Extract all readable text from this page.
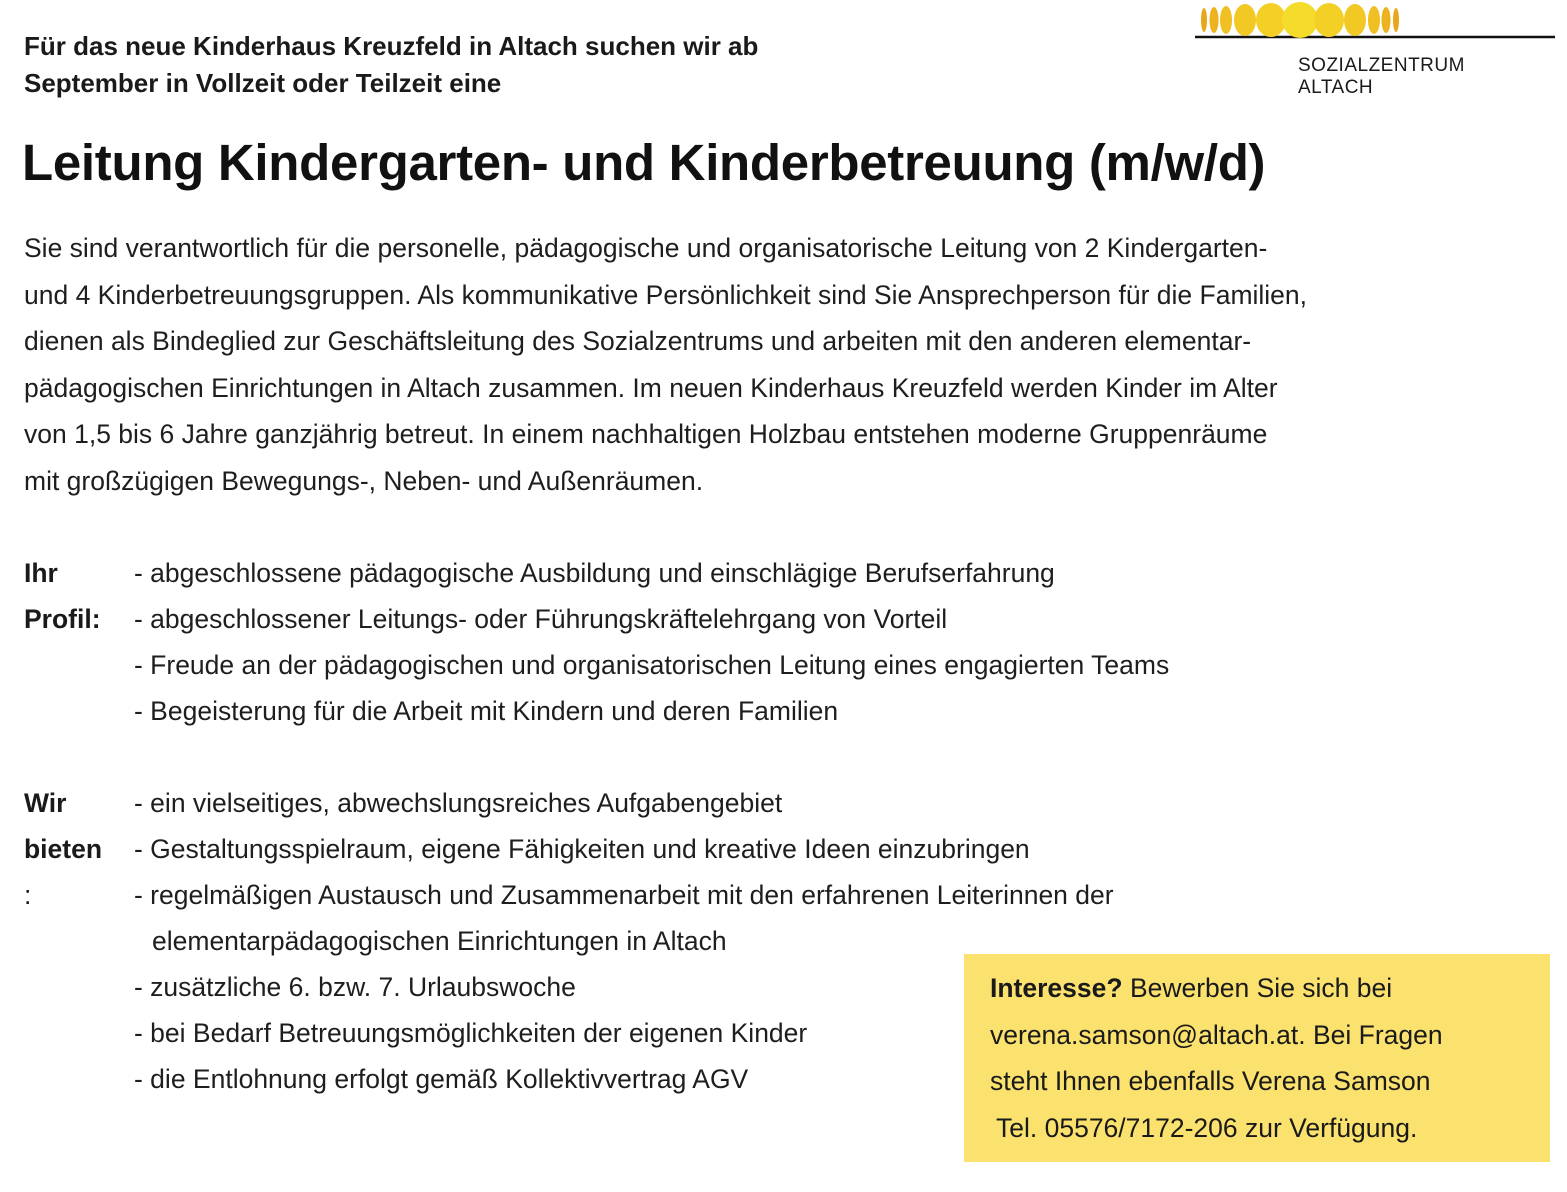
Für das neue Kinderhaus Kreuzfeld in Altach suchen wir ab
September in Vollzeit oder Teilzeit eine
SOZIALZENTRUM
ALTACH
Leitung Kindergarten- und Kinderbetreuung (m/w/d)
Sie sind verantwortlich für die personelle, pädagogische und organisatorische Leitung von 2 Kindergarten-
und 4 Kinderbetreuungsgruppen. Als kommunikative Persönlichkeit sind Sie Ansprechperson für die Familien,
dienen als Bindeglied zur Geschäftsleitung des Sozialzentrums und arbeiten mit den anderen elementar-
pädagogischen Einrichtungen in Altach zusammen. Im neuen Kinderhaus Kreuzfeld werden Kinder im Alter
von 1,5 bis 6 Jahre ganzjährig betreut. In einem nachhaltigen Holzbau entstehen moderne Gruppenräume
mit großzügigen Bewegungs-, Neben- und Außenräumen.
Ihr
Profil:
- abgeschlossene pädagogische Ausbildung und einschlägige Berufserfahrung
- abgeschlossener Leitungs- oder Führungskräftelehrgang von Vorteil
- Freude an der pädagogischen und organisatorischen Leitung eines engagierten Teams
- Begeisterung für die Arbeit mit Kindern und deren Familien
Wir
bieten
:
- ein vielseitiges, abwechslungsreiches Aufgabengebiet
- Gestaltungsspielraum, eigene Fähigkeiten und kreative Ideen einzubringen
- regelmäßigen Austausch und Zusammenarbeit mit den erfahrenen Leiterinnen der
elementarpädagogischen Einrichtungen in Altach
- zusätzliche 6. bzw. 7. Urlaubswoche
- bei Bedarf Betreuungsmöglichkeiten der eigenen Kinder
- die Entlohnung erfolgt gemäß Kollektivvertrag AGV
Interesse? Bewerben Sie sich bei
verena.samson@altach.at. Bei Fragen
steht Ihnen ebenfalls Verena Samson
Tel. 05576/7172-206 zur Verfügung.
